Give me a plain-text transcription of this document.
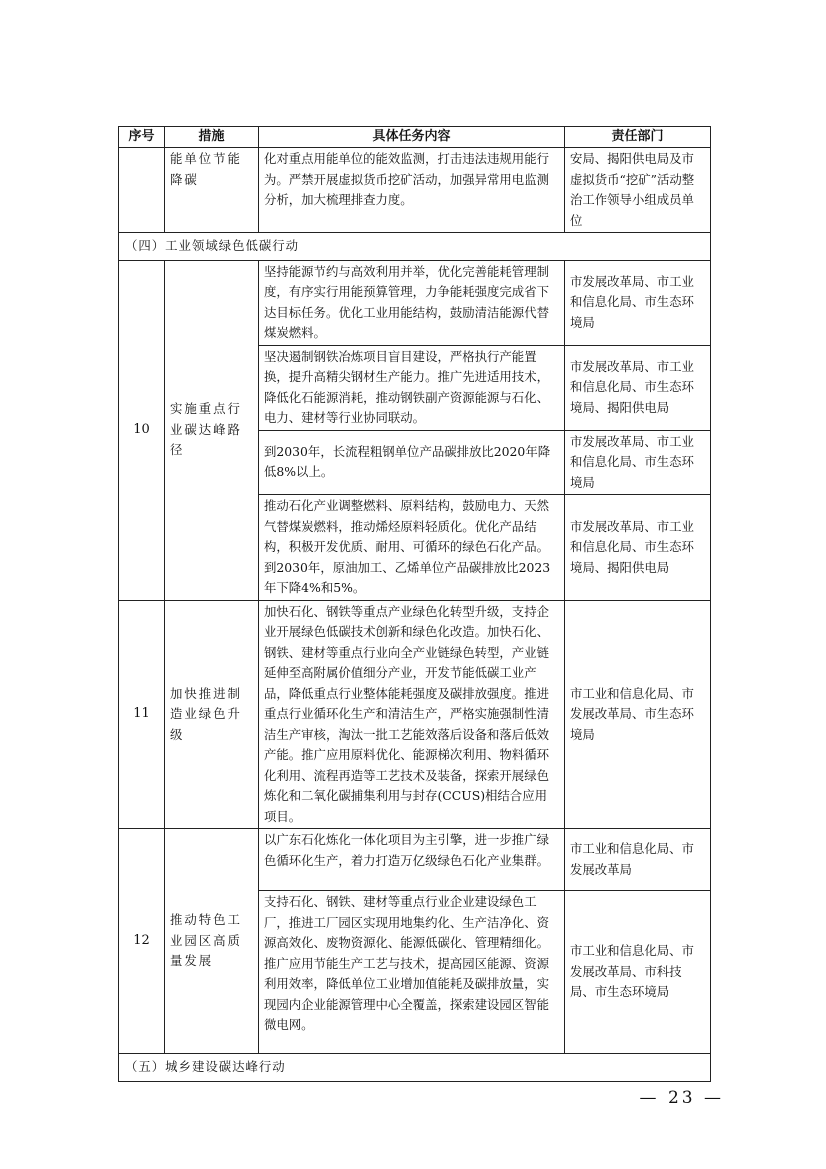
序号	措施	具体任务内容	责任部门
	能单位节能降碳	化对重点用能单位的能效监测，打击违法违规用能行为。严禁开展虚拟货币挖矿活动，加强异常用电监测分析，加大梳理排查力度。	安局、揭阳供电局及市虚拟货币“挖矿”活动整治工作领导小组成员单位
（四）工业领域绿色低碳行动			
10	实施重点行业碳达峰路径	坚持能源节约与高效利用并举，优化完善能耗管理制度，有序实行用能预算管理，力争能耗强度完成省下达目标任务。优化工业用能结构，鼓励清洁能源代替煤炭燃料。	市发展改革局、市工业和信息化局、市生态环境局
		坚决遏制钢铁冶炼项目盲目建设，严格执行产能置换，提升高精尖钢材生产能力。推广先进适用技术，降低化石能源消耗，推动钢铁副产资源能源与石化、电力、建材等行业协同联动。	市发展改革局、市工业和信息化局、市生态环境局、揭阳供电局
		到2030年，长流程粗钢单位产品碳排放比2020年降低8%以上。	市发展改革局、市工业和信息化局、市生态环境局
		推动石化产业调整燃料、原料结构，鼓励电力、天然气替煤炭燃料，推动烯烃原料轻质化。优化产品结构，积极开发优质、耐用、可循环的绿色石化产品。到2030年，原油加工、乙烯单位产品碳排放比2023年下降4%和5%。	市发展改革局、市工业和信息化局、市生态环境局、揭阳供电局
11	加快推进制造业绿色升级	加快石化、钢铁等重点产业绿色化转型升级，支持企业开展绿色低碳技术创新和绿色化改造。加快石化、钢铁、建材等重点行业向全产业链绿色转型，产业链延伸至高附属价值细分产业，开发节能低碳工业产品，降低重点行业整体能耗强度及碳排放强度。推进重点行业循环化生产和清洁生产，严格实施强制性清洁生产审核，淘汰一批工艺能效落后设备和落后低效产能。推广应用原料优化、能源梯次利用、物料循环化利用、流程再造等工艺技术及装备，探索开展绿色炼化和二氧化碳捕集利用与封存(CCUS)相结合应用项目。	市工业和信息化局、市发展改革局、市生态环境局
12	推动特色工业园区高质量发展	以广东石化炼化一体化项目为主引擎，进一步推广绿色循环化生产，着力打造万亿级绿色石化产业集群。	市工业和信息化局、市发展改革局
		支持石化、钢铁、建材等重点行业企业建设绿色工厂，推进工厂园区实现用地集约化、生产洁净化、资源高效化、废物资源化、能源低碳化、管理精细化。推广应用节能生产工艺与技术，提高园区能源、资源利用效率，降低单位工业增加值能耗及碳排放量，实现园内企业能源管理中心全覆盖，探索建设园区智能微电网。	市工业和信息化局、市发展改革局、市科技局、市生态环境局
（五）城乡建设碳达峰行动			
— 23 —
